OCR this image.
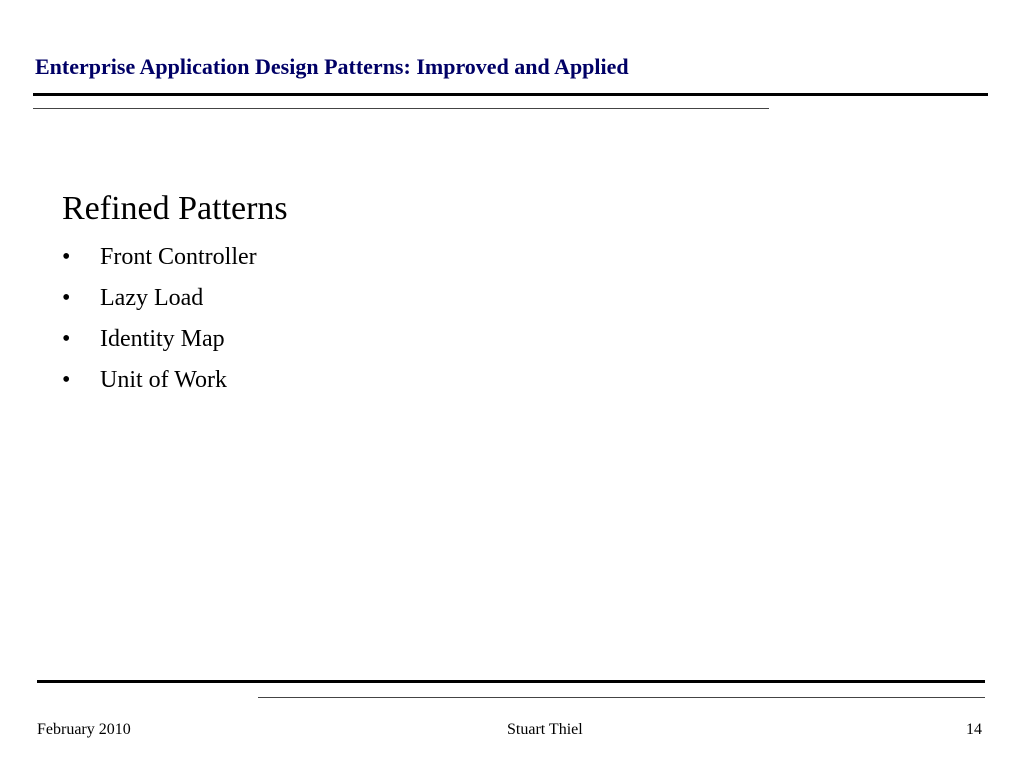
Enterprise Application Design Patterns: Improved and Applied
Refined Patterns
• Front Controller
• Lazy Load
• Identity Map
• Unit of Work
February 2010	Stuart Thiel	14
